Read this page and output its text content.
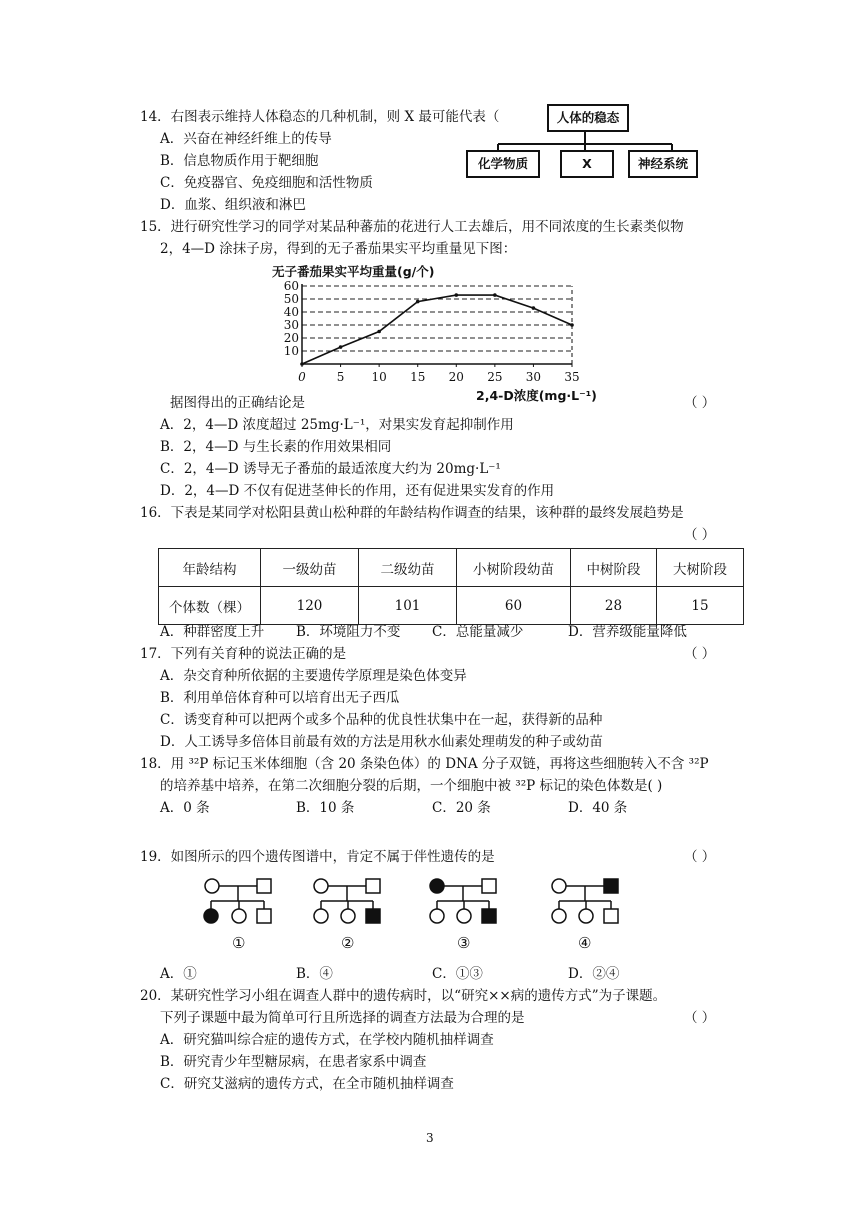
14．右图表示维持人体稳态的几种机制，则 X 最可能代表（
A．兴奋在神经纤维上的传导
B．信息物质作用于靶细胞
C．免疫器官、免疫细胞和活性物质
D．血浆、组织液和淋巴
人体的稳态
化学物质	X	神经系统
15．进行研究性学习的同学对某品种蕃茄的花进行人工去雄后，用不同浓度的生长素类似物
2，4—D 涂抹子房，得到的无子番茄果实平均重量见下图：
无子番茄果实平均重量(g/个)
10
20
30
40
50
60
0	5 10 15 20 25 30 35
2,4-D浓度(mg·L⁻¹)
据图得出的正确结论是	（ ）
A．2，4—D 浓度超过 25mg·L⁻¹，对果实发育起抑制作用
B．2，4—D 与生长素的作用效果相同
C．2，4—D 诱导无子番茄的最适浓度大约为 20mg·L⁻¹
D．2，4—D 不仅有促进茎伸长的作用，还有促进果实发育的作用
16．下表是某同学对松阳县黄山松种群的年龄结构作调查的结果，该种群的最终发展趋势是
（ ）
年龄结构	一级幼苗	二级幼苗	小树阶段幼苗	中树阶段	大树阶段
个体数（棵）	120	101	60	28	15
A．种群密度上升 B．环境阻力不变 C．总能量减少	D．营养级能量降低
17．下列有关育种的说法正确的是	（ ）
A．杂交育种所依据的主要遗传学原理是染色体变异
B．利用单倍体育种可以培育出无子西瓜
C．诱变育种可以把两个或多个品种的优良性状集中在一起，获得新的品种
D．人工诱导多倍体目前最有效的方法是用秋水仙素处理萌发的种子或幼苗
18．用 ³²P 标记玉米体细胞（含 20 条染色体）的 DNA 分子双链，再将这些细胞转入不含 ³²P
的培养基中培养，在第二次细胞分裂的后期，一个细胞中被 ³²P 标记的染色体数是( )
A．0 条	B．10 条	C．20 条	D．40 条
19．如图所示的四个遗传图谱中，肯定不属于伴性遗传的是	（ ）
①	②	③	④
A．①	B．④	C．①③	D．②④
20．某研究性学习小组在调查人群中的遗传病时，以“研究××病的遗传方式”为子课题。
下列子课题中最为简单可行且所选择的调查方法最为合理的是	（ ）
A．研究猫叫综合症的遗传方式，在学校内随机抽样调查
B．研究青少年型糖尿病，在患者家系中调查
C．研究艾滋病的遗传方式，在全市随机抽样调查
3
